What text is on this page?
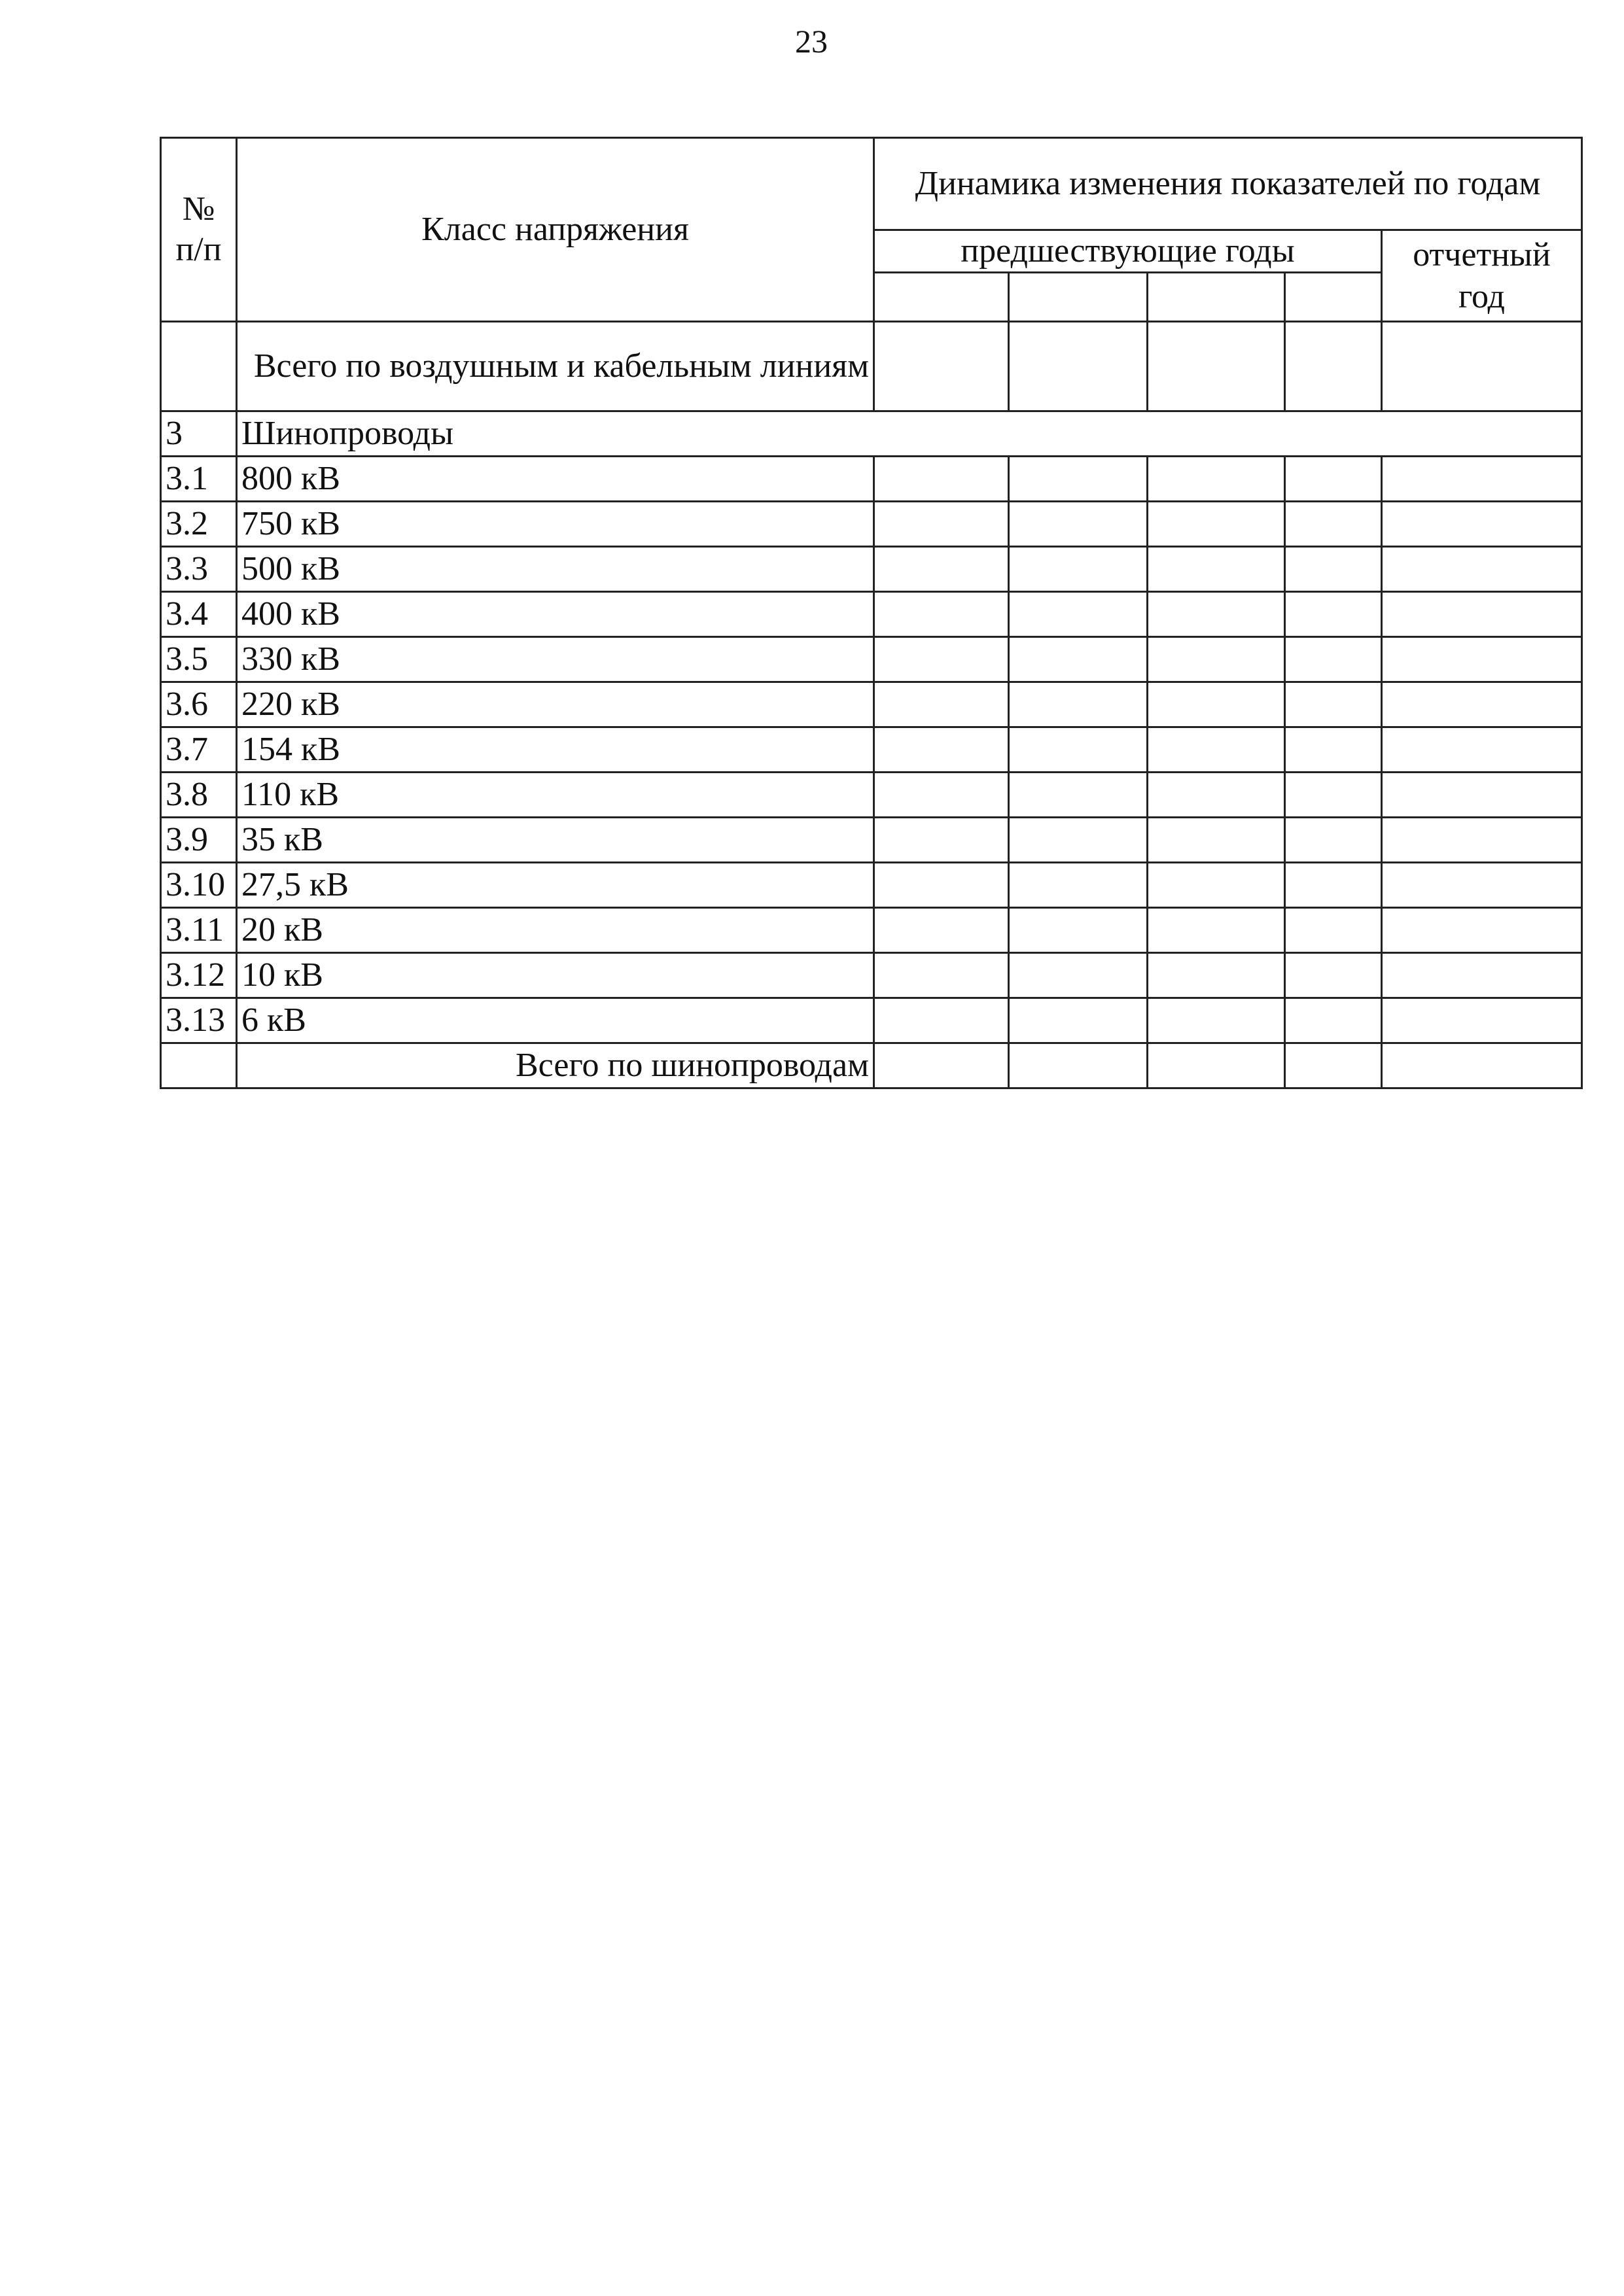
23
№ п/п	Класс напряжения	Динамика изменения показателей по годам				
		предшествующие годы				отчетный год

	Всего по воздушным и кабельным линиям					
3	Шинопроводы					
3.1	800 кВ					
3.2	750 кВ					
3.3	500 кВ					
3.4	400 кВ					
3.5	330 кВ					
3.6	220 кВ					
3.7	154 кВ					
3.8	110 кВ					
3.9	35 кВ					
3.10	27,5 кВ					
3.11	20 кВ					
3.12	10 кВ					
3.13	6 кВ					
	Всего по шинопроводам					
